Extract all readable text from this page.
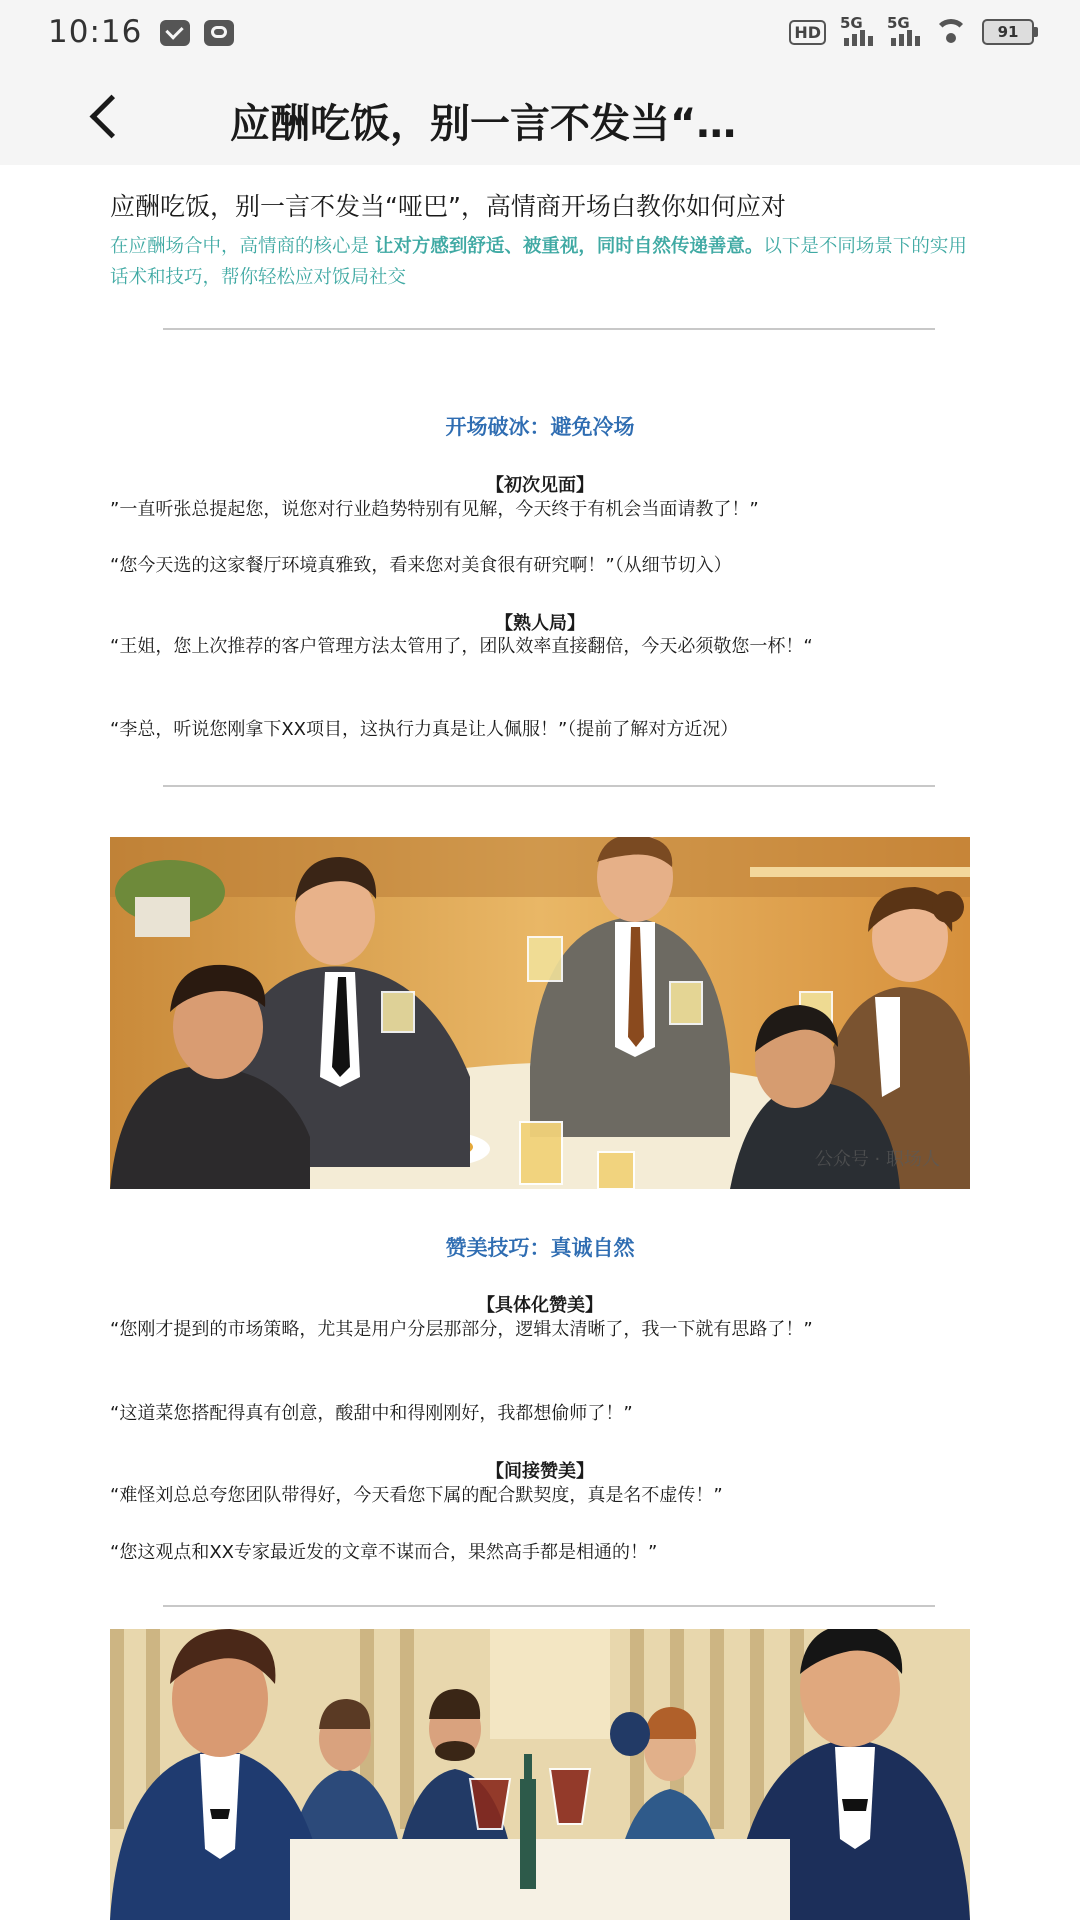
10:16	HD	5G 5G	91
应酬吃饭，别一言不发当“…
应酬吃饭，别一言不发当“哑巴”，高情商开场白教你如何应对
在应酬场合中，高情商的核心是 让对方感到舒适、被重视，同时自然传递善意。以下是不同场景下的实用话术和技巧，帮你轻松应对饭局社交
开场破冰：避免冷场
【初次见面】
”一直听张总提起您，说您对行业趋势特别有见解，今天终于有机会当面请教了！”
“您今天选的这家餐厅环境真雅致，看来您对美食很有研究啊！”（从细节切入）
【熟人局】
“王姐，您上次推荐的客户管理方法太管用了，团队效率直接翻倍，今天必须敬您一杯！“
“李总，听说您刚拿下XX项目，这执行力真是让人佩服！”（提前了解对方近况）
公众号 · 职场人
赞美技巧：真诚自然
【具体化赞美】
“您刚才提到的市场策略，尤其是用户分层那部分，逻辑太清晰了，我一下就有思路了！”
“这道菜您搭配得真有创意，酸甜中和得刚刚好，我都想偷师了！”
【间接赞美】
“难怪刘总总夸您团队带得好，今天看您下属的配合默契度，真是名不虚传！”
“您这观点和XX专家最近发的文章不谋而合，果然高手都是相通的！”
